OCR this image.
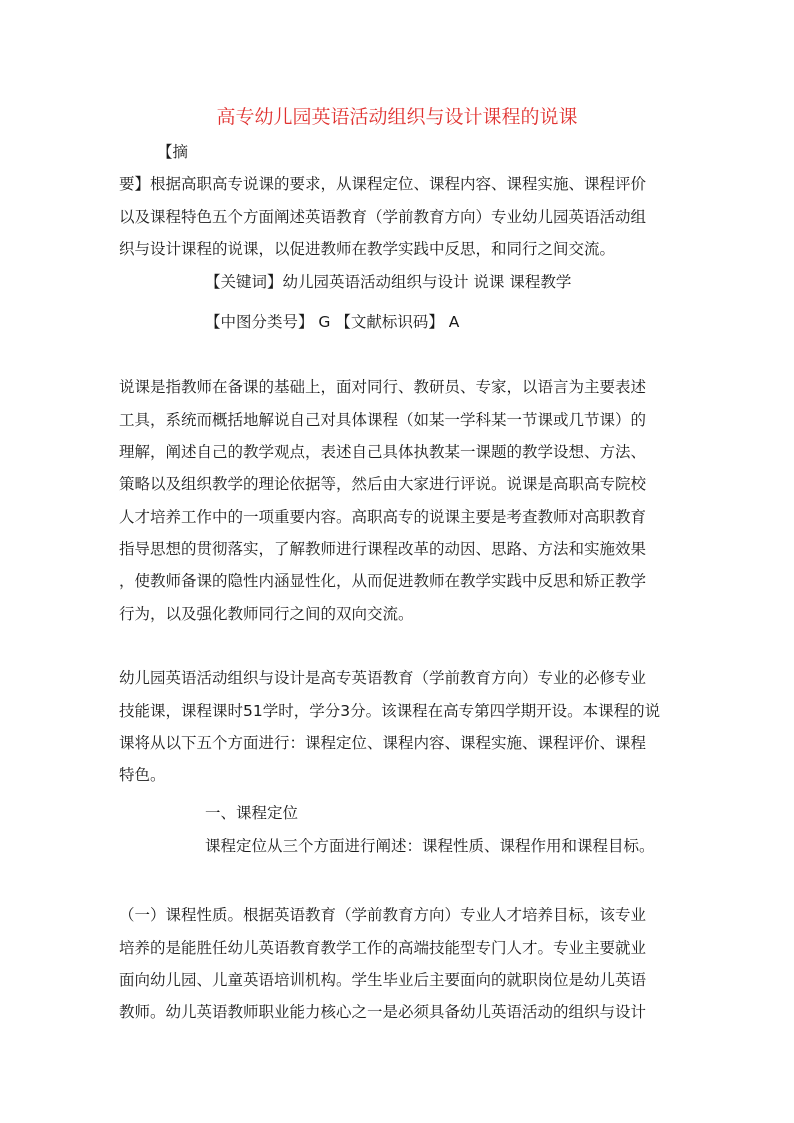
高专幼儿园英语活动组织与设计课程的说课
【摘
要】根据高职高专说课的要求，从课程定位、课程内容、课程实施、课程评价
以及课程特色五个方面阐述英语教育（学前教育方向）专业幼儿园英语活动组
织与设计课程的说课，以促进教师在教学实践中反思，和同行之间交流。
【关键词】幼儿园英语活动组织与设计 说课 课程教学
【中图分类号】 G 【文献标识码】 A
说课是指教师在备课的基础上，面对同行、教研员、专家，以语言为主要表述
工具，系统而概括地解说自己对具体课程（如某一学科某一节课或几节课）的
理解，阐述自己的教学观点，表述自己具体执教某一课题的教学设想、方法、
策略以及组织教学的理论依据等，然后由大家进行评说。说课是高职高专院校
人才培养工作中的一项重要内容。高职高专的说课主要是考查教师对高职教育
指导思想的贯彻落实，了解教师进行课程改革的动因、思路、方法和实施效果
，使教师备课的隐性内涵显性化，从而促进教师在教学实践中反思和矫正教学
行为，以及强化教师同行之间的双向交流。
幼儿园英语活动组织与设计是高专英语教育（学前教育方向）专业的必修专业
技能课，课程课时51学时，学分3分。该课程在高专第四学期开设。本课程的说
课将从以下五个方面进行：课程定位、课程内容、课程实施、课程评价、课程
特色。
一、课程定位
课程定位从三个方面进行阐述：课程性质、课程作用和课程目标。
（一）课程性质。根据英语教育（学前教育方向）专业人才培养目标，该专业
培养的是能胜任幼儿英语教育教学工作的高端技能型专门人才。专业主要就业
面向幼儿园、儿童英语培训机构。学生毕业后主要面向的就职岗位是幼儿英语
教师。幼儿英语教师职业能力核心之一是必须具备幼儿英语活动的组织与设计
